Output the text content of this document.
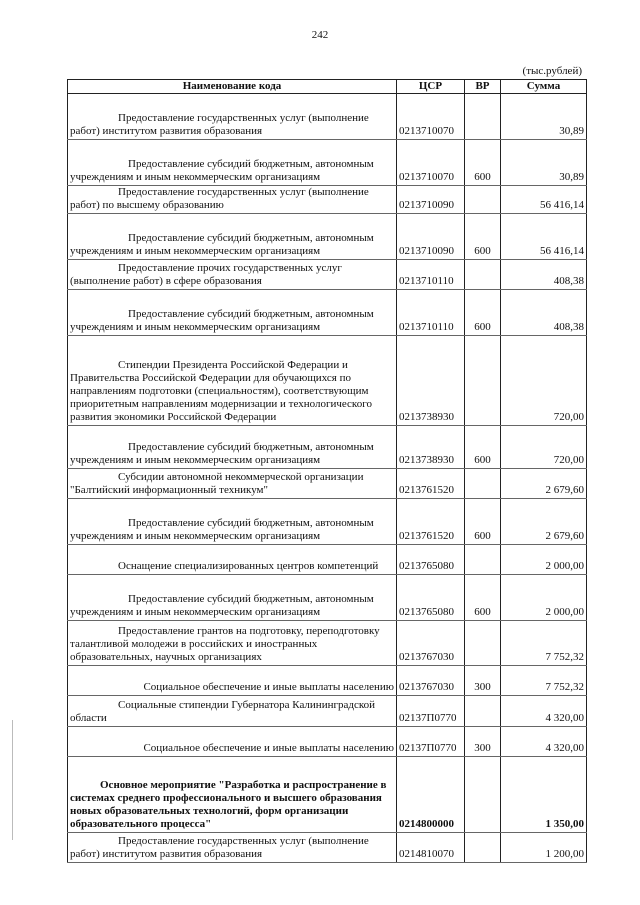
242
(тыс.рублей)
Наименование кода	ЦСР	ВР	Сумма

Предоставление государственных услуг (выполнение работ) институтом развития образования	0213710070		30,89

Предоставление субсидий бюджетным, автономным учреждениям и иным некоммерческим организациям	0213710070	600	30,89

Предоставление государственных услуг (выполнение работ) по высшему образованию	0213710090		56 416,14

Предоставление субсидий бюджетным, автономным учреждениям и иным некоммерческим организациям	0213710090	600	56 416,14

Предоставление прочих государственных услуг (выполнение работ) в сфере образования	0213710110		408,38

Предоставление субсидий бюджетным, автономным учреждениям и иным некоммерческим организациям	0213710110	600	408,38

Стипендии Президента Российской Федерации и Правительства Российской Федерации для обучающихся по направлениям подготовки (специальностям), соответствующим приоритетным направлениям модернизации и технологического развития экономики Российской Федерации	0213738930		720,00

Предоставление субсидий бюджетным, автономным учреждениям и иным некоммерческим организациям	0213738930	600	720,00

Субсидии автономной некоммерческой организации "Балтийский информационный техникум"	0213761520		2 679,60

Предоставление субсидий бюджетным, автономным учреждениям и иным некоммерческим организациям	0213761520	600	2 679,60

Оснащение специализированных центров компетенций	0213765080		2 000,00

Предоставление субсидий бюджетным, автономным учреждениям и иным некоммерческим организациям	0213765080	600	2 000,00

Предоставление грантов на подготовку, переподготовку талантливой молодежи в российских и иностранных образовательных, научных организациях	0213767030		7 752,32

Социальное обеспечение и иные выплаты населению	0213767030	300	7 752,32

Социальные стипендии Губернатора Калининградской области	02137П0770		4 320,00

Социальное обеспечение и иные выплаты населению	02137П0770	300	4 320,00

Основное мероприятие "Разработка и распространение в системах среднего профессионального и высшего образования новых образовательных технологий, форм организации образовательного процесса"	0214800000		1 350,00

Предоставление государственных услуг (выполнение работ) институтом развития образования	0214810070		1 200,00
